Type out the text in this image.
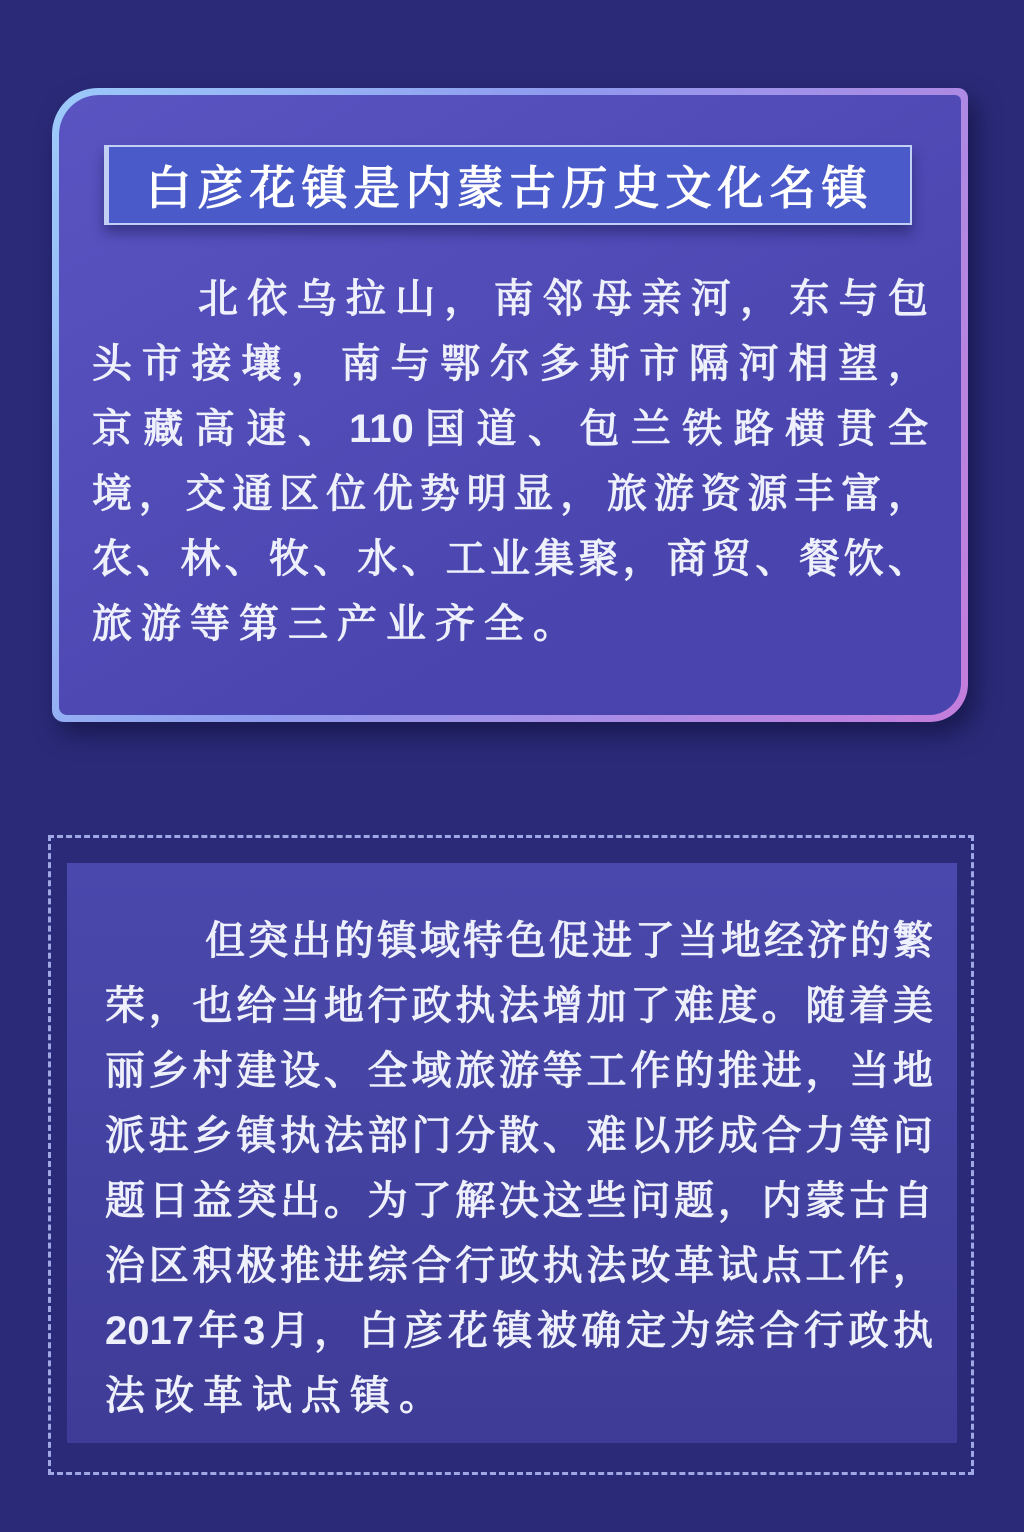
白彦花镇是内蒙古历史文化名镇
北依乌拉山，南邻母亲河，东与包
头市接壤，南与鄂尔多斯市隔河相望，
京藏高速、110国道、包兰铁路横贯全
境，交通区位优势明显，旅游资源丰富，
农、林、牧、水、工业集聚，商贸、餐饮、
旅游等第三产业齐全。
但突出的镇域特色促进了当地经济的繁
荣，也给当地行政执法增加了难度。随着美
丽乡村建设、全域旅游等工作的推进，当地
派驻乡镇执法部门分散、难以形成合力等问
题日益突出。为了解决这些问题，内蒙古自
治区积极推进综合行政执法改革试点工作，
2017年3月，白彦花镇被确定为综合行政执
法改革试点镇。
